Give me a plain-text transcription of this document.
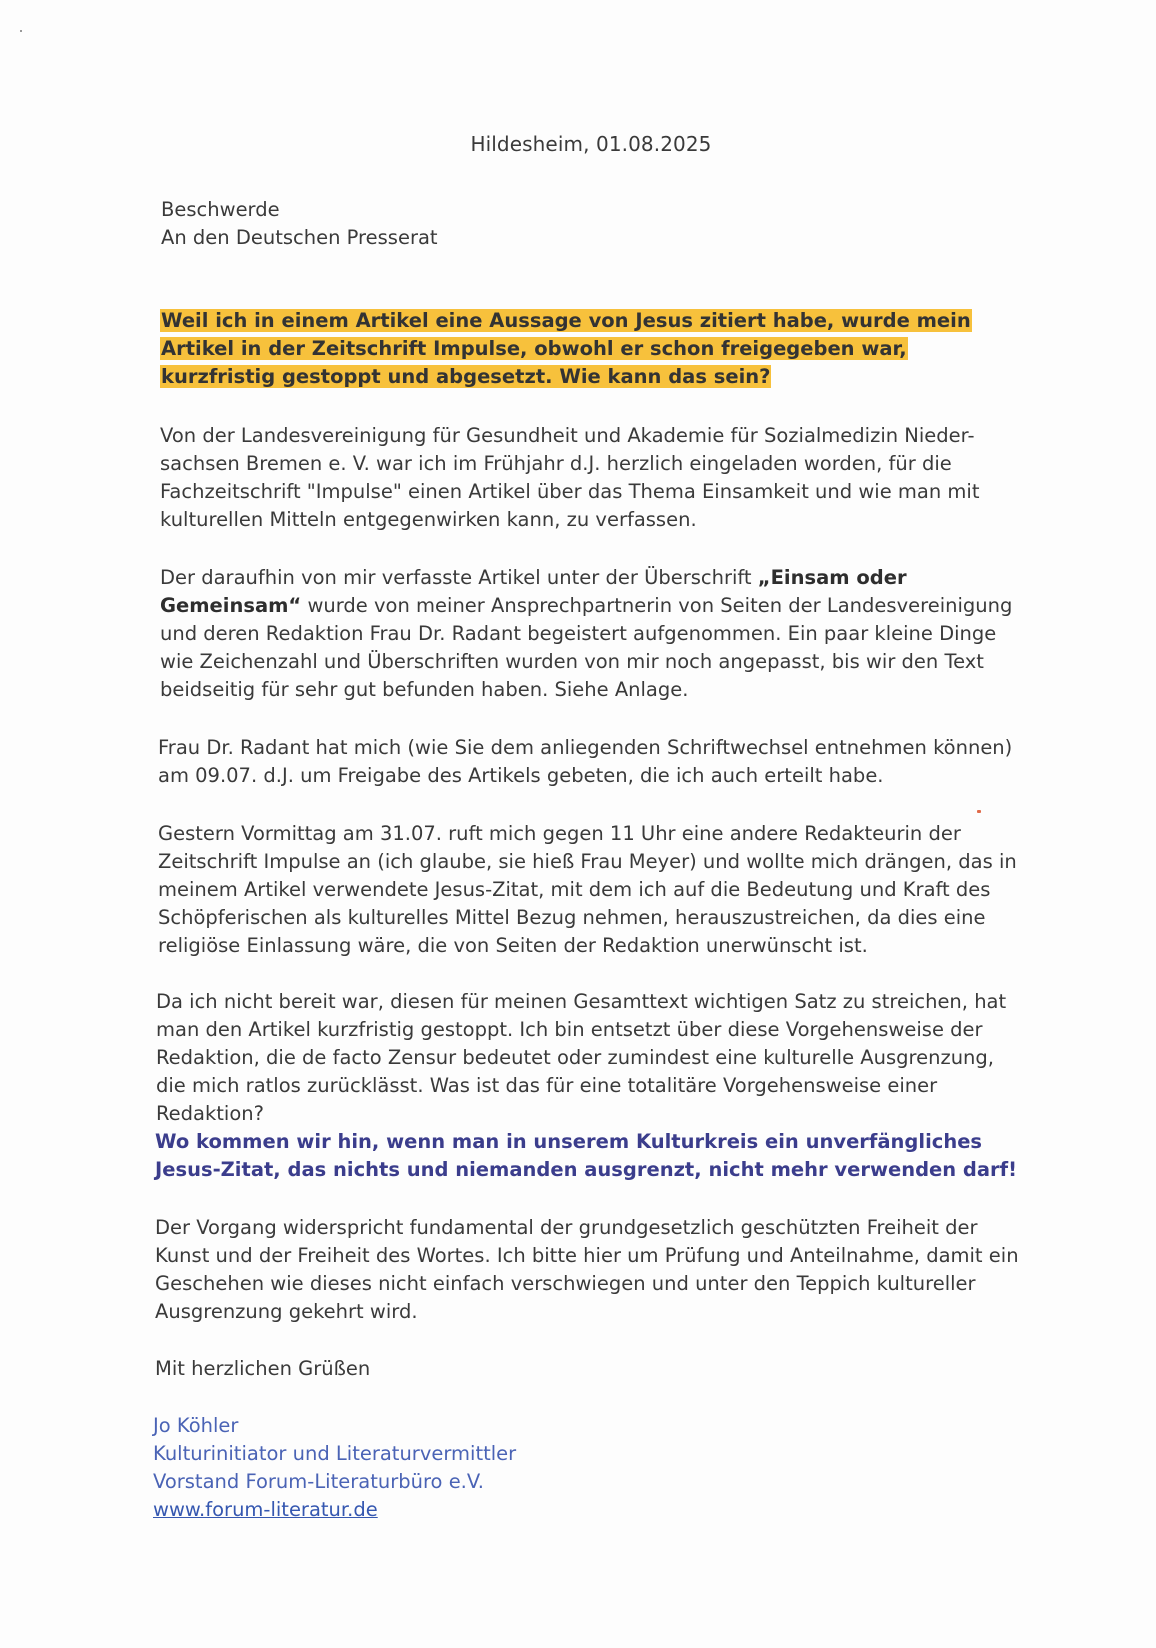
Hildesheim, 01.08.2025
Beschwerde
An den Deutschen Presserat

Weil ich in einem Artikel eine Aussage von Jesus zitiert habe, wurde mein Artikel in der Zeitschrift Impulse, obwohl er schon freigegeben war, kurzfristig gestoppt und abgesetzt. Wie kann das sein?

Von der Landesvereinigung für Gesundheit und Akademie für Sozialmedizin Nieder-sachsen Bremen e. V. war ich im Frühjahr d.J. herzlich eingeladen worden, für die Fachzeitschrift "Impulse" einen Artikel über das Thema Einsamkeit und wie man mit kulturellen Mitteln entgegenwirken kann, zu verfassen.

Der daraufhin von mir verfasste Artikel unter der Überschrift „Einsam oder Gemeinsam“ wurde von meiner Ansprechpartnerin von Seiten der Landesvereinigung und deren Redaktion Frau Dr. Radant begeistert aufgenommen. Ein paar kleine Dinge wie Zeichenzahl und Überschriften wurden von mir noch angepasst, bis wir den Text beidseitig für sehr gut befunden haben. Siehe Anlage.

Frau Dr. Radant hat mich (wie Sie dem anliegenden Schriftwechsel entnehmen können) am 09.07. d.J. um Freigabe des Artikels gebeten, die ich auch erteilt habe.

Gestern Vormittag am 31.07. ruft mich gegen 11 Uhr eine andere Redakteurin der Zeitschrift Impulse an (ich glaube, sie hieß Frau Meyer) und wollte mich drängen, das in meinem Artikel verwendete Jesus-Zitat, mit dem ich auf die Bedeutung und Kraft des Schöpferischen als kulturelles Mittel Bezug nehmen, herauszustreichen, da dies eine religiöse Einlassung wäre, die von Seiten der Redaktion unerwünscht ist.

Da ich nicht bereit war, diesen für meinen Gesamttext wichtigen Satz zu streichen, hat man den Artikel kurzfristig gestoppt. Ich bin entsetzt über diese Vorgehensweise der Redaktion, die de facto Zensur bedeutet oder zumindest eine kulturelle Ausgrenzung, die mich ratlos zurücklässt. Was ist das für eine totalitäre Vorgehensweise einer Redaktion?

Wo kommen wir hin, wenn man in unserem Kulturkreis ein unverfängliches Jesus-Zitat, das nichts und niemanden ausgrenzt, nicht mehr verwenden darf!

Der Vorgang widerspricht fundamental der grundgesetzlich geschützten Freiheit der Kunst und der Freiheit des Wortes. Ich bitte hier um Prüfung und Anteilnahme, damit ein Geschehen wie dieses nicht einfach verschwiegen und unter den Teppich kultureller Ausgrenzung gekehrt wird.

Mit herzlichen Grüßen

Jo Köhler
Kulturinitiator und Literaturvermittler
Vorstand Forum-Literaturbüro e.V.
www.forum-literatur.de
